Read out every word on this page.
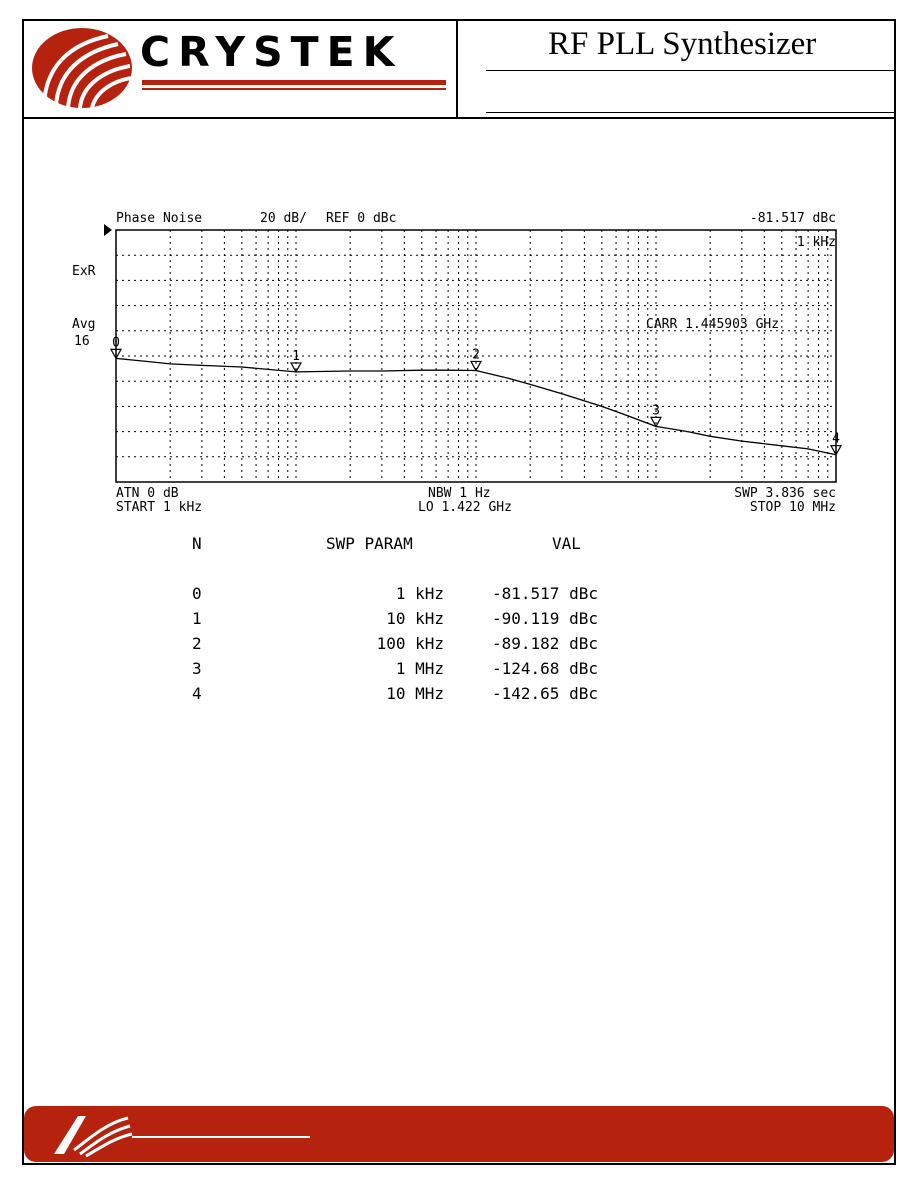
CRYSTEK	RF PLL Synthesizer
Phase Noise	20 dB/ REF 0 dBc	-81.517 dBc
1 kHz
CARR 1.445903 GHz
ExR
Avg
16
ATN 0 dB
START 1 kHz
NBW 1 Hz
LO 1.422 GHz
SWP 3.836 sec
STOP 10 MHz
0
1	2
3
4
N	SWP PARAM	VAL
0	1 kHz	-81.517 dBc
1	10 kHz	-90.119 dBc
2	100 kHz	-89.182 dBc
3	1 MHz	-124.68 dBc
4	10 MHz	-142.65 dBc
